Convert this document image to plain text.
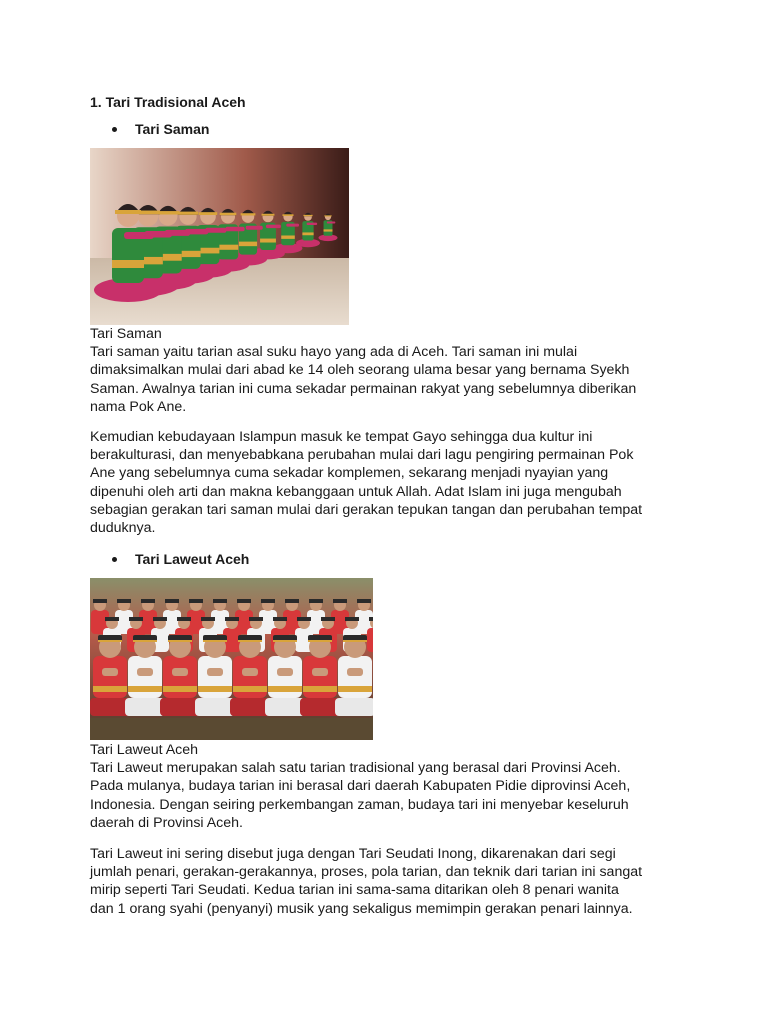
1. Tari Tradisional Aceh
Tari Saman
Tari Saman
Tari saman yaitu tarian asal suku hayo yang ada di Aceh. Tari saman ini mulai
dimaksimalkan mulai dari abad ke 14 oleh seorang ulama besar yang bernama Syekh
Saman. Awalnya tarian ini cuma sekadar permainan rakyat yang sebelumnya diberikan
nama Pok Ane.
Kemudian kebudayaan Islampun masuk ke tempat Gayo sehingga dua kultur ini
berakulturasi, dan menyebabkana perubahan mulai dari lagu pengiring permainan Pok
Ane yang sebelumnya cuma sekadar komplemen, sekarang menjadi nyayian yang
dipenuhi oleh arti dan makna kebanggaan untuk Allah. Adat Islam ini juga mengubah
sebagian gerakan tari saman mulai dari gerakan tepukan tangan dan perubahan tempat
duduknya.
Tari Laweut Aceh
Tari Laweut Aceh
Tari Laweut merupakan salah satu tarian tradisional yang berasal dari Provinsi Aceh.
Pada mulanya, budaya tarian ini berasal dari daerah Kabupaten Pidie diprovinsi Aceh,
Indonesia. Dengan seiring perkembangan zaman, budaya tari ini menyebar keseluruh
daerah di Provinsi Aceh.
Tari Laweut ini sering disebut juga dengan Tari Seudati Inong, dikarenakan dari segi
jumlah penari, gerakan-gerakannya, proses, pola tarian, dan teknik dari tarian ini sangat
mirip seperti Tari Seudati. Kedua tarian ini sama-sama ditarikan oleh 8 penari wanita
dan 1 orang syahi (penyanyi) musik yang sekaligus memimpin gerakan penari lainnya.
